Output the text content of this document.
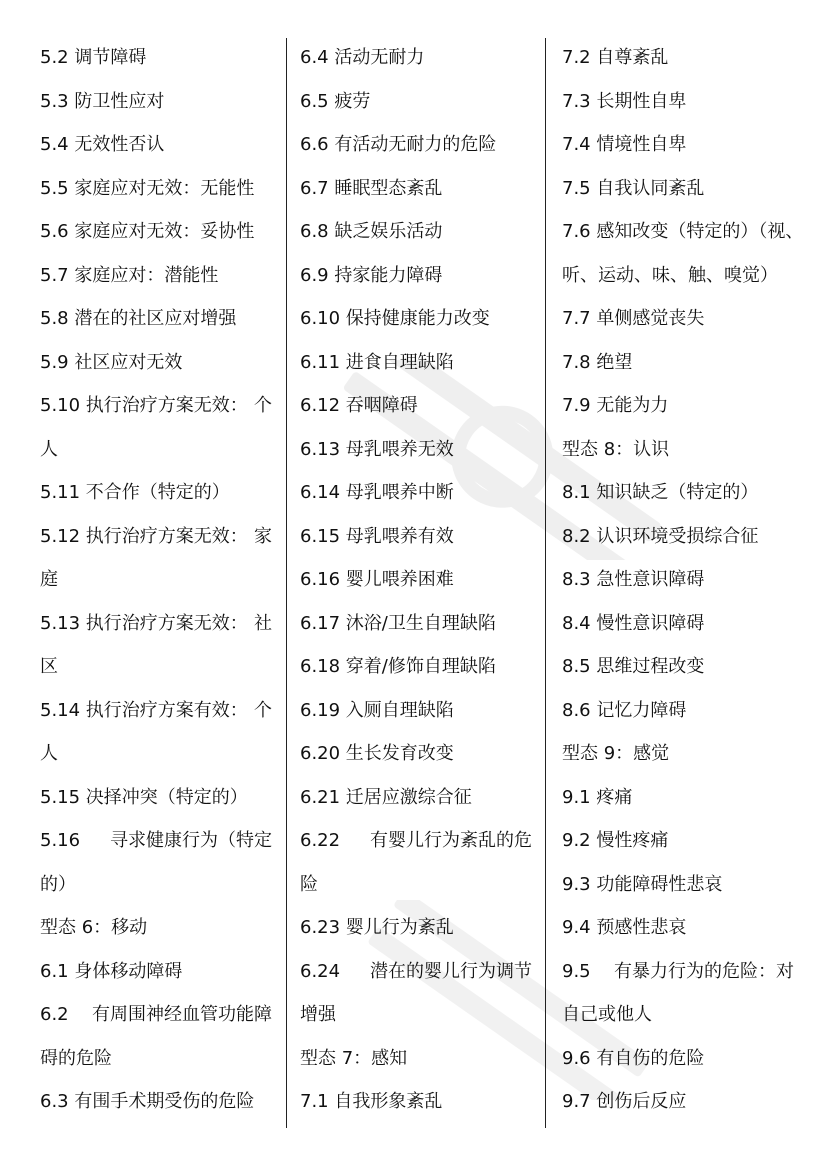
5.2 调节障碍
5.3 防卫性应对
5.4 无效性否认
5.5 家庭应对无效：无能性
5.6 家庭应对无效：妥协性
5.7 家庭应对：潜能性
5.8 潜在的社区应对增强
5.9 社区应对无效
5.10 执行治疗方案无效： 个
人
5.11 不合作（特定的）
5.12 执行治疗方案无效： 家
庭
5.13 执行治疗方案无效： 社
区
5.14 执行治疗方案有效： 个
人
5.15 决择冲突（特定的）
5.16 寻求健康行为（特定
的）
型态 6：移动
6.1 身体移动障碍
6.2 有周围神经血管功能障
碍的危险
6.3 有围手术期受伤的危险
6.4 活动无耐力
6.5 疲劳
6.6 有活动无耐力的危险
6.7 睡眠型态紊乱
6.8 缺乏娱乐活动
6.9 持家能力障碍
6.10 保持健康能力改变
6.11 进食自理缺陷
6.12 吞咽障碍
6.13 母乳喂养无效
6.14 母乳喂养中断
6.15 母乳喂养有效
6.16 婴儿喂养困难
6.17 沐浴/卫生自理缺陷
6.18 穿着/修饰自理缺陷
6.19 入厕自理缺陷
6.20 生长发育改变
6.21 迁居应激综合征
6.22 有婴儿行为紊乱的危
险
6.23 婴儿行为紊乱
6.24 潜在的婴儿行为调节
增强
型态 7：感知
7.1 自我形象紊乱
7.2 自尊紊乱
7.3 长期性自卑
7.4 情境性自卑
7.5 自我认同紊乱
7.6 感知改变（特定的）（视、
听、运动、味、触、嗅觉）
7.7 单侧感觉丧失
7.8 绝望
7.9 无能为力
型态 8：认识
8.1 知识缺乏（特定的）
8.2 认识环境受损综合征
8.3 急性意识障碍
8.4 慢性意识障碍
8.5 思维过程改变
8.6 记忆力障碍
型态 9：感觉
9.1 疼痛
9.2 慢性疼痛
9.3 功能障碍性悲哀
9.4 预感性悲哀
9.5 有暴力行为的危险：对
自己或他人
9.6 有自伤的危险
9.7 创伤后反应
